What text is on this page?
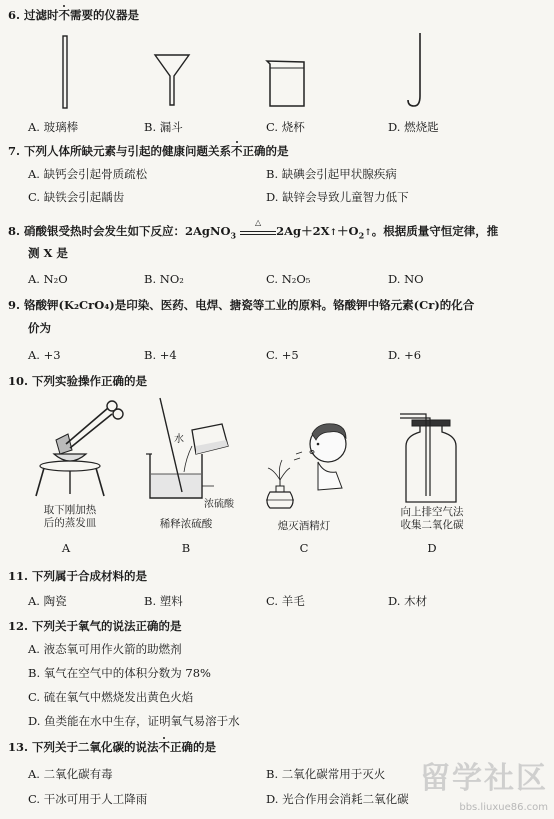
6. 过滤时不需要的仪器是
A. 玻璃棒	B. 漏斗	C. 烧杯	D. 燃烧匙
7. 下列人体所缺元素与引起的健康问题关系不正确的是
A. 缺钙会引起骨质疏松	B. 缺碘会引起甲状腺疾病
C. 缺铁会引起龋齿	D. 缺锌会导致儿童智力低下
8. 硝酸银受热时会发生如下反应：2AgNO$_3$
△
$2Ag+2X↑+O_2↑$。根据质量守恒定律，推
测 X 是
A. N₂O	B. NO₂	C. N₂O₅	D. NO
9. 铬酸钾(K₂CrO₄)是印染、医药、电焊、搪瓷等工业的原料。铬酸钾中铬元素(Cr)的化合
价为
A. +3	B. +4	C. +5	D. +6
10. 下列实验操作正确的是
取下刚加热
后的蒸发皿
A
水
浓硫酸
稀释浓硫酸
B
熄灭酒精灯
C
向上排空气法
收集二氧化碳
D
11. 下列属于合成材料的是
A. 陶瓷	B. 塑料	C. 羊毛	D. 木材
12. 下列关于氧气的说法正确的是
A. 液态氧可用作火箭的助燃剂
B. 氧气在空气中的体积分数为 78%
C. 硫在氧气中燃烧发出黄色火焰
D. 鱼类能在水中生存，证明氧气易溶于水
13. 下列关于二氧化碳的说法不正确的是
A. 二氧化碳有毒	B. 二氧化碳常用于灭火
C. 干冰可用于人工降雨	D. 光合作用会消耗二氧化碳
留学社区
bbs.liuxue86.com
